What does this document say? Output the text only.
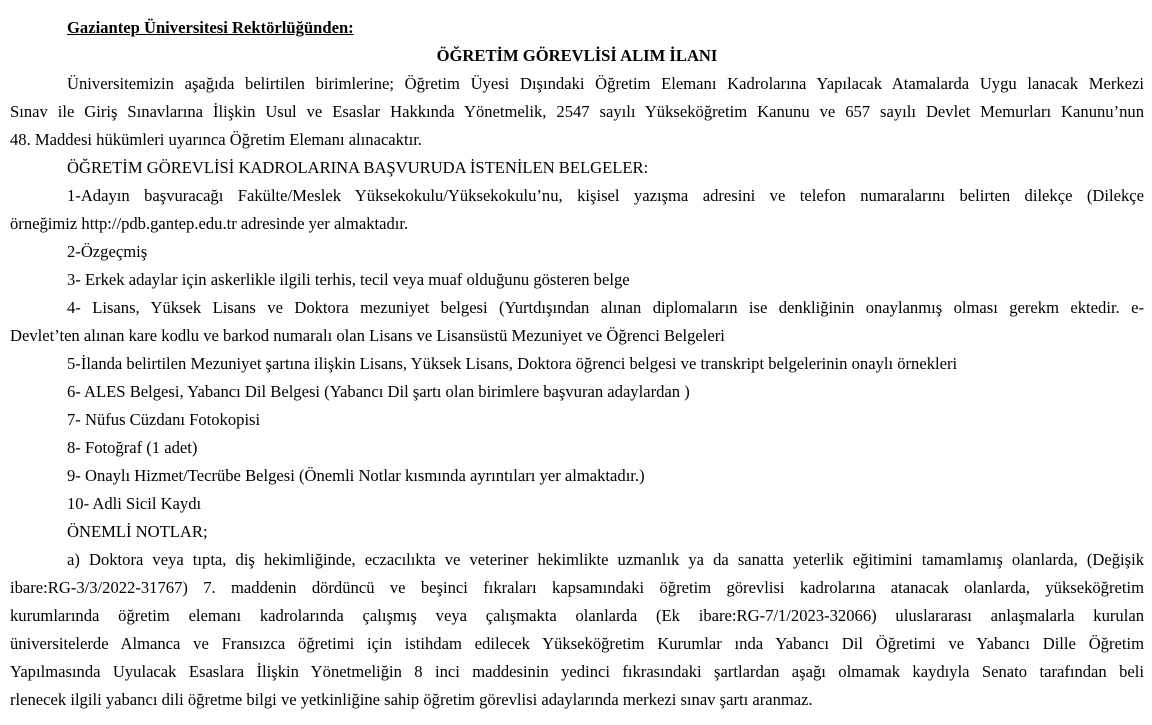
Gaziantep Üniversitesi Rektörlüğünden:
ÖĞRETİM GÖREVLİSİ ALIM İLANI
Üniversitemizin aşağıda belirtilen birimlerine; Öğretim Üyesi Dışındaki Öğretim Elemanı Kadrolarına Yapılacak Atamalarda Uygu lanacak Merkezi
Sınav ile Giriş Sınavlarına İlişkin Usul ve Esaslar Hakkında Yönetmelik, 2547 sayılı Yükseköğretim Kanunu ve 657 sayılı Devlet Memurları Kanunu’nun
48. Maddesi hükümleri uyarınca Öğretim Elemanı alınacaktır.
ÖĞRETİM GÖREVLİSİ KADROLARINA BAŞVURUDA İSTENİLEN BELGELER:
1-Adayın başvuracağı Fakülte/Meslek Yüksekokulu/Yüksekokulu’nu, kişisel yazışma adresini ve telefon numaralarını belirten dilekçe (Dilekçe
örneğimiz http://pdb.gantep.edu.tr adresinde yer almaktadır.
2-Özgeçmiş
3- Erkek adaylar için askerlikle ilgili terhis, tecil veya muaf olduğunu gösteren belge
4- Lisans, Yüksek Lisans ve Doktora mezuniyet belgesi (Yurtdışından alınan diplomaların ise denkliğinin onaylanmış olması gerekm ektedir. e-
Devlet’ten alınan kare kodlu ve barkod numaralı olan Lisans ve Lisansüstü Mezuniyet ve Öğrenci Belgeleri
5-İlanda belirtilen Mezuniyet şartına ilişkin Lisans, Yüksek Lisans, Doktora öğrenci belgesi ve transkript belgelerinin onaylı örnekleri
6- ALES Belgesi, Yabancı Dil Belgesi (Yabancı Dil şartı olan birimlere başvuran adaylardan )
7- Nüfus Cüzdanı Fotokopisi
8- Fotoğraf (1 adet)
9- Onaylı Hizmet/Tecrübe Belgesi (Önemli Notlar kısmında ayrıntıları yer almaktadır.)
10- Adli Sicil Kaydı
ÖNEMLİ NOTLAR;
a) Doktora veya tıpta, diş hekimliğinde, eczacılıkta ve veteriner hekimlikte uzmanlık ya da sanatta yeterlik eğitimini tamamlamış olanlarda, (Değişik
ibare:RG-3/3/2022-31767) 7. maddenin dördüncü ve beşinci fıkraları kapsamındaki öğretim görevlisi kadrolarına atanacak olanlarda, yükseköğretim
kurumlarında öğretim elemanı kadrolarında çalışmış veya çalışmakta olanlarda (Ek ibare:RG-7/1/2023-32066) uluslararası anlaşmalarla kurulan
üniversitelerde Almanca ve Fransızca öğretimi için istihdam edilecek Yükseköğretim Kurumlar ında Yabancı Dil Öğretimi ve Yabancı Dille Öğretim
Yapılmasında Uyulacak Esaslara İlişkin Yönetmeliğin 8 inci maddesinin yedinci fıkrasındaki şartlardan aşağı olmamak kaydıyla Senato tarafından beli
rlenecek ilgili yabancı dili öğretme bilgi ve yetkinliğine sahip öğretim görevlisi adaylarında merkezi sınav şartı aranmaz.
